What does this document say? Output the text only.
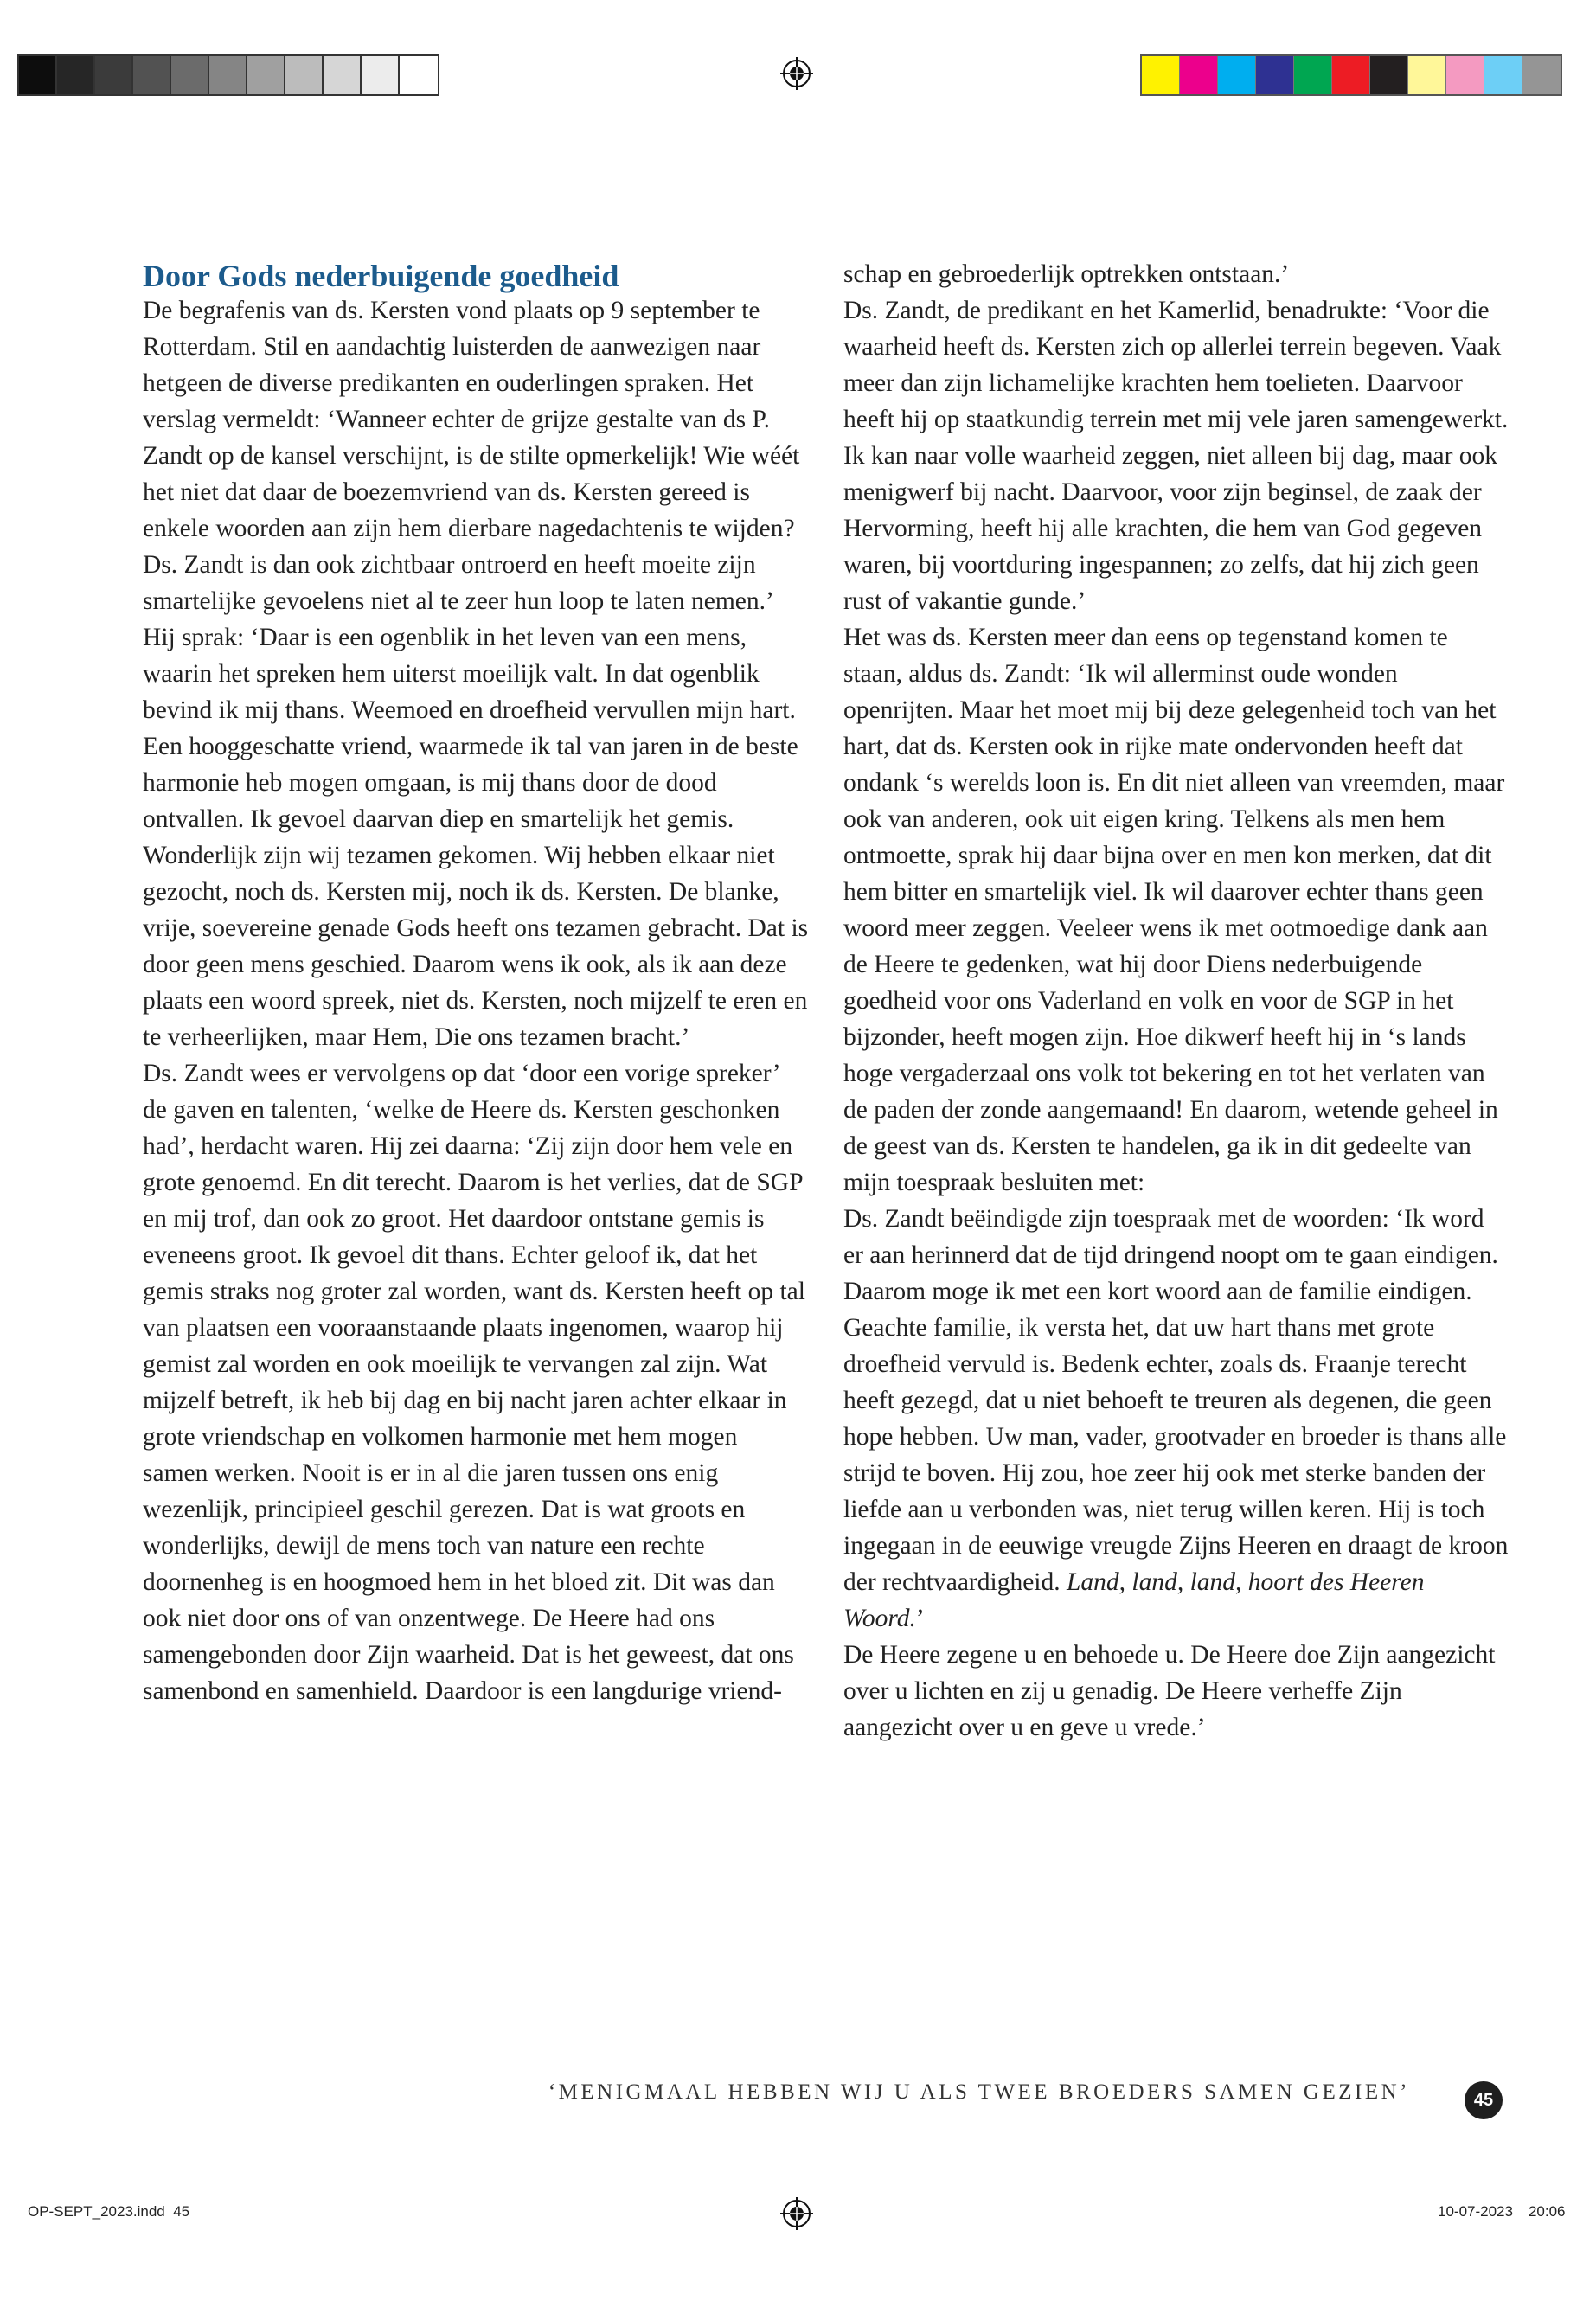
Door Gods nederbuigende goedheid

De begrafenis van ds. Kersten vond plaats op 9 september te Rotterdam. Stil en aandachtig luisterden de aanwezigen naar hetgeen de diverse predikanten en ouderlingen spraken. Het verslag vermeldt: ‘Wanneer echter de grijze gestalte van ds P. Zandt op de kansel verschijnt, is de stilte opmerkelijk! Wie wéét het niet dat daar de boezemvriend van ds. Kersten gereed is enkele woorden aan zijn hem dierbare nagedachtenis te wijden? Ds. Zandt is dan ook zichtbaar ontroerd en heeft moeite zijn smartelijke gevoelens niet al te zeer hun loop te laten nemen.’

Hij sprak: ‘Daar is een ogenblik in het leven van een mens, waarin het spreken hem uiterst moeilijk valt. In dat ogenblik bevind ik mij thans. Weemoed en droefheid vervullen mijn hart. Een hooggeschatte vriend, waarmede ik tal van jaren in de beste harmonie heb mogen omgaan, is mij thans door de dood ontvallen. Ik gevoel daarvan diep en smartelijk het gemis. Wonderlijk zijn wij tezamen gekomen. Wij hebben elkaar niet gezocht, noch ds. Kersten mij, noch ik ds. Kersten. De blanke, vrije, soevereine genade Gods heeft ons tezamen gebracht. Dat is door geen mens geschied. Daarom wens ik ook, als ik aan deze plaats een woord spreek, niet ds. Kersten, noch mijzelf te eren en te verheerlijken, maar Hem, Die ons tezamen bracht.’

Ds. Zandt wees er vervolgens op dat ‘door een vorige spreker’ de gaven en talenten, ‘welke de Heere ds. Kersten geschonken had’, herdacht waren. Hij zei daarna: ‘Zij zijn door hem vele en grote genoemd. En dit terecht. Daarom is het verlies, dat de SGP en mij trof, dan ook zo groot. Het daardoor ontstane gemis is eveneens groot. Ik gevoel dit thans. Echter geloof ik, dat het gemis straks nog groter zal worden, want ds. Kersten heeft op tal van plaatsen een vooraanstaande plaats ingenomen, waarop hij gemist zal worden en ook moeilijk te vervangen zal zijn. Wat mijzelf betreft, ik heb bij dag en bij nacht jaren achter elkaar in grote vriendschap en volkomen harmonie met hem mogen samen werken. Nooit is er in al die jaren tussen ons enig wezenlijk, principieel geschil gerezen. Dat is wat groots en wonderlijks, dewijl de mens toch van nature een rechte doornenheg is en hoogmoed hem in het bloed zit. Dit was dan ook niet door ons of van onzentwege. De Heere had ons samengebonden door Zijn waarheid. Dat is het geweest, dat ons samenbond en samenhield. Daardoor is een langdurige vriend-

schap en gebroederlijk optrekken ontstaan.’

Ds. Zandt, de predikant en het Kamerlid, benadrukte: ‘Voor die waarheid heeft ds. Kersten zich op allerlei terrein begeven. Vaak meer dan zijn lichamelijke krachten hem toelieten. Daarvoor heeft hij op staatkundig terrein met mij vele jaren samengewerkt. Ik kan naar volle waarheid zeggen, niet alleen bij dag, maar ook menigwerf bij nacht. Daarvoor, voor zijn beginsel, de zaak der Hervorming, heeft hij alle krachten, die hem van God gegeven waren, bij voortduring ingespannen; zo zelfs, dat hij zich geen rust of vakantie gunde.’

Het was ds. Kersten meer dan eens op tegenstand komen te staan, aldus ds. Zandt: ‘Ik wil allerminst oude wonden openrijten. Maar het moet mij bij deze gelegenheid toch van het hart, dat ds. Kersten ook in rijke mate ondervonden heeft dat ondank ‘s werelds loon is. En dit niet alleen van vreemden, maar ook van anderen, ook uit eigen kring. Telkens als men hem ontmoette, sprak hij daar bijna over en men kon merken, dat dit hem bitter en smartelijk viel. Ik wil daarover echter thans geen woord meer zeggen. Veeleer wens ik met ootmoedige dank aan de Heere te gedenken, wat hij door Diens nederbuigende goedheid voor ons Vaderland en volk en voor de SGP in het bijzonder, heeft mogen zijn. Hoe dikwerf heeft hij in ‘s lands hoge vergaderzaal ons volk tot bekering en tot het verlaten van de paden der zonde aangemaand! En daarom, wetende geheel in de geest van ds. Kersten te handelen, ga ik in dit gedeelte van mijn toespraak besluiten met:

Ds. Zandt beëindigde zijn toespraak met de woorden: ‘Ik word er aan herinnerd dat de tijd dringend noopt om te gaan eindigen. Daarom moge ik met een kort woord aan de familie eindigen. Geachte familie, ik versta het, dat uw hart thans met grote droefheid vervuld is. Bedenk echter, zoals ds. Fraanje terecht heeft gezegd, dat u niet behoeft te treuren als degenen, die geen hope hebben. Uw man, vader, grootvader en broeder is thans alle strijd te boven. Hij zou, hoe zeer hij ook met sterke banden der liefde aan u verbonden was, niet terug willen keren. Hij is toch ingegaan in de eeuwige vreugde Zijns Heeren en draagt de kroon der rechtvaardigheid. Land, land, land, hoort des Heeren Woord.’

De Heere zegene u en behoede u. De Heere doe Zijn aangezicht over u lichten en zij u genadig. De Heere verheffe Zijn aangezicht over u en geve u vrede.’

‘MENIGMAAL HEBBEN WIJ U ALS TWEE BROEDERS SAMEN GEZIEN’	45
OP-SEPT_2023.indd 45	10-07-2023 20:06
